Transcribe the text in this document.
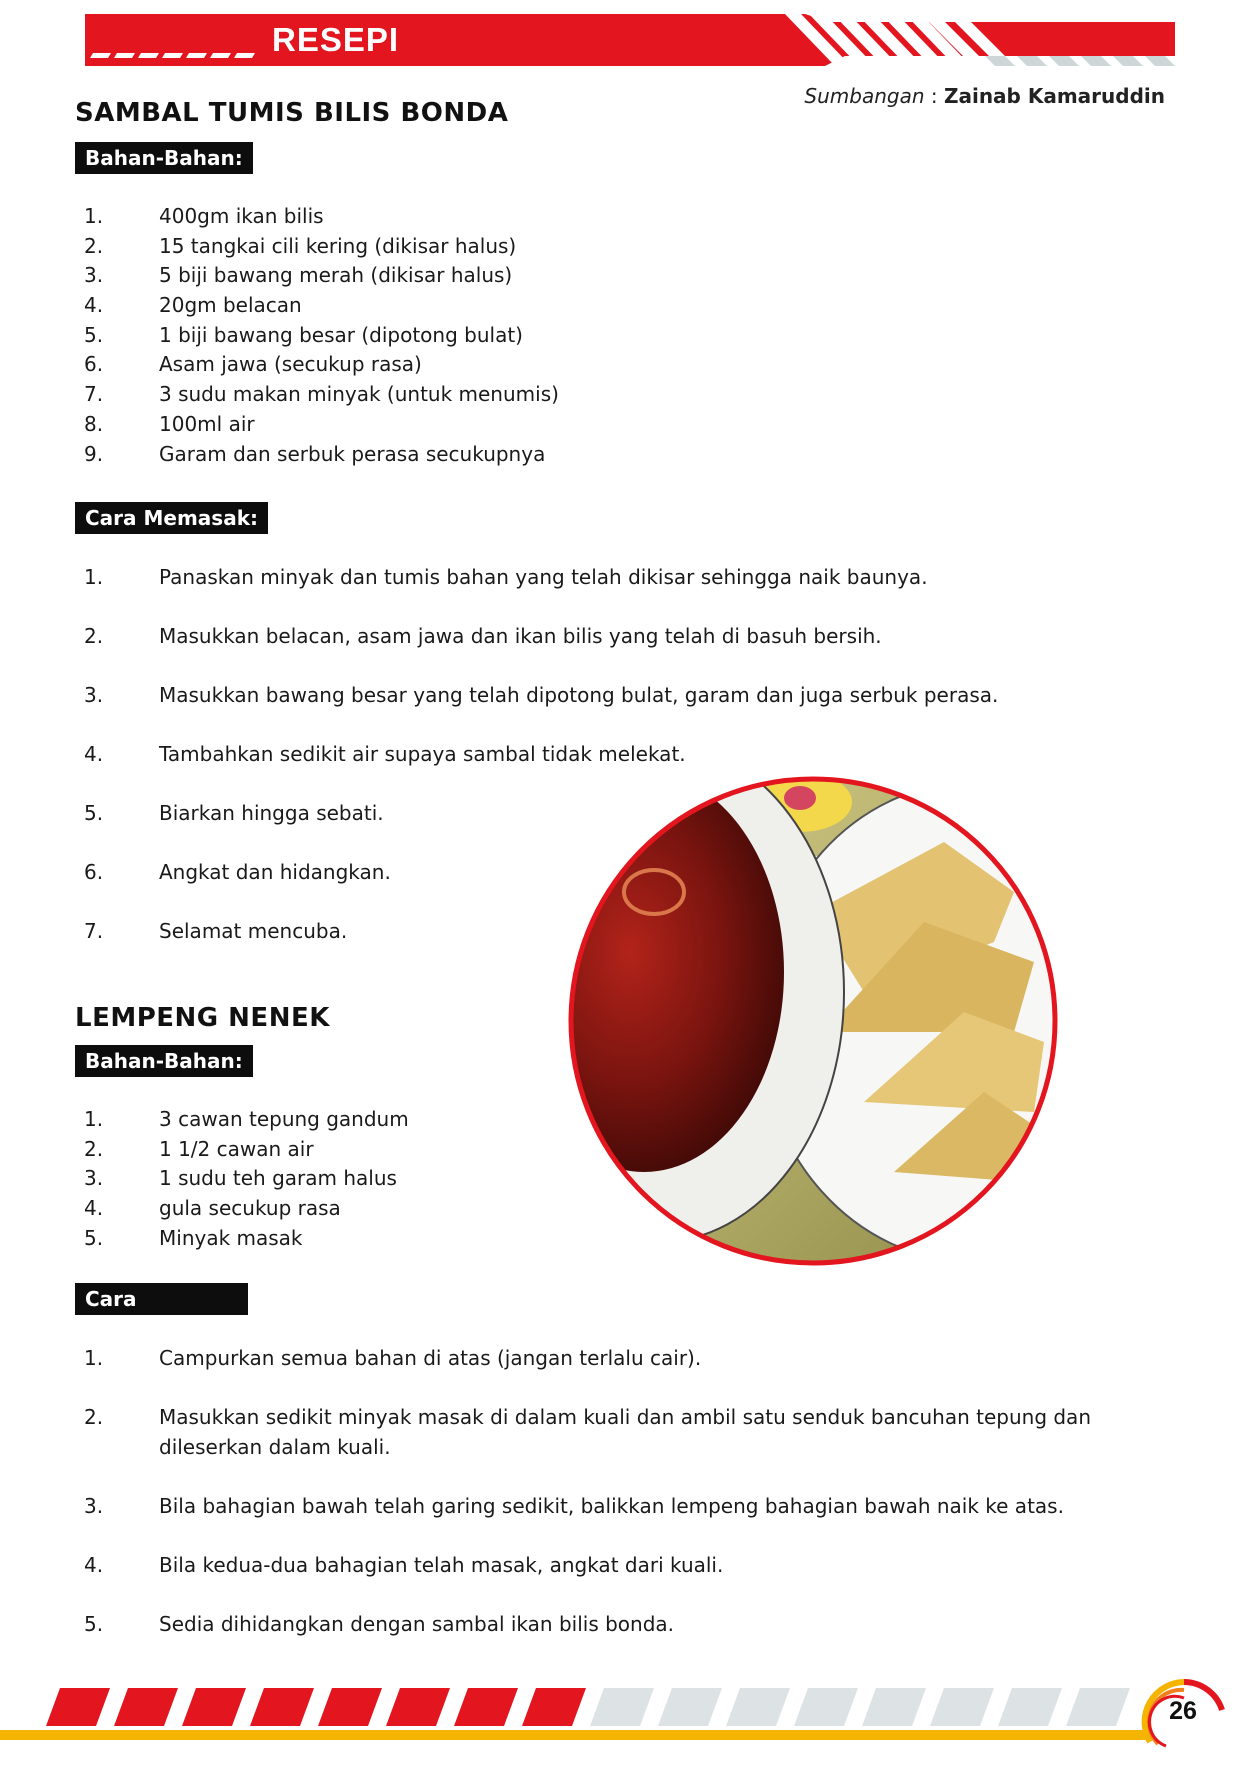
RESEPI
Sumbangan : Zainab Kamaruddin
SAMBAL TUMIS BILIS BONDA
Bahan-Bahan:
1.	400gm ikan bilis
2.	15 tangkai cili kering (dikisar halus)
3.	5 biji bawang merah (dikisar halus)
4.	20gm belacan
5.	1 biji bawang besar (dipotong bulat)
6.	Asam jawa (secukup rasa)
7.	3 sudu makan minyak (untuk menumis)
8.	100ml air
9.	Garam dan serbuk perasa secukupnya
Cara Memasak:
1.	Panaskan minyak dan tumis bahan yang telah dikisar sehingga naik baunya.
2.	Masukkan belacan, asam jawa dan ikan bilis yang telah di basuh bersih.
3.	Masukkan bawang besar yang telah dipotong bulat, garam dan juga serbuk perasa.
4.	Tambahkan sedikit air supaya sambal tidak melekat.
5.	Biarkan hingga sebati.
6.	Angkat dan hidangkan.
7.	Selamat mencuba.
LEMPENG NENEK
Bahan-Bahan:
1.	3 cawan tepung gandum
2.	1 1/2 cawan air
3.	1 sudu teh garam halus
4.	gula secukup rasa
5.	Minyak masak
Cara Memasak
1.	Campurkan semua bahan di atas (jangan terlalu cair).
2.	Masukkan sedikit minyak masak di dalam kuali dan ambil satu senduk bancuhan tepung dan dileserkan dalam kuali.
3.	Bila bahagian bawah telah garing sedikit, balikkan lempeng bahagian bawah naik ke atas.
4.	Bila kedua-dua bahagian telah masak, angkat dari kuali.
5.	Sedia dihidangkan dengan sambal ikan bilis bonda.
26
